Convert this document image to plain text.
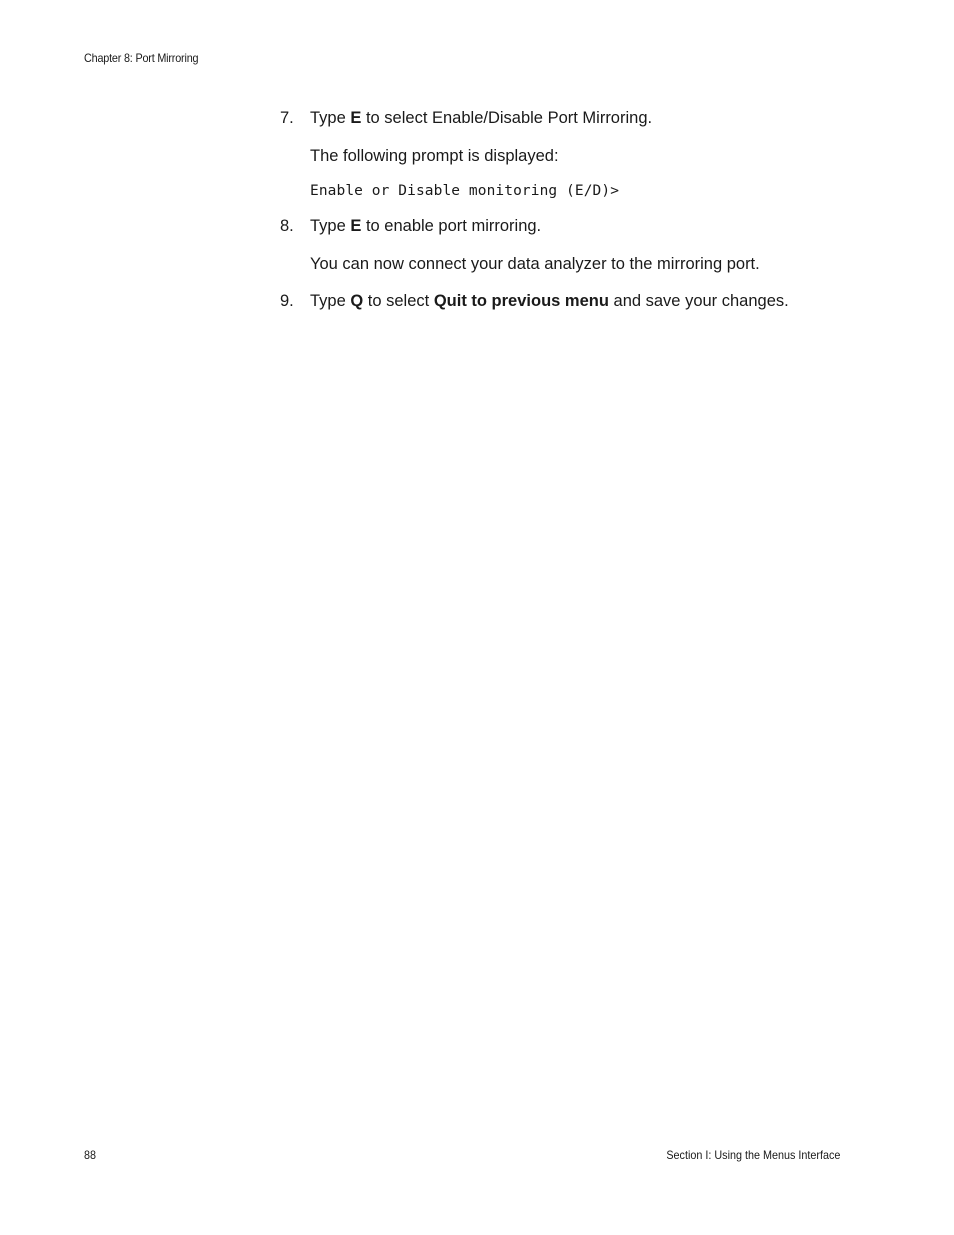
Chapter 8: Port Mirroring
7. Type E to select Enable/Disable Port Mirroring.
The following prompt is displayed:
Enable or Disable monitoring (E/D)>
8. Type E to enable port mirroring.
You can now connect your data analyzer to the mirroring port.
9. Type Q to select Quit to previous menu and save your changes.
88	Section I: Using the Menus Interface
